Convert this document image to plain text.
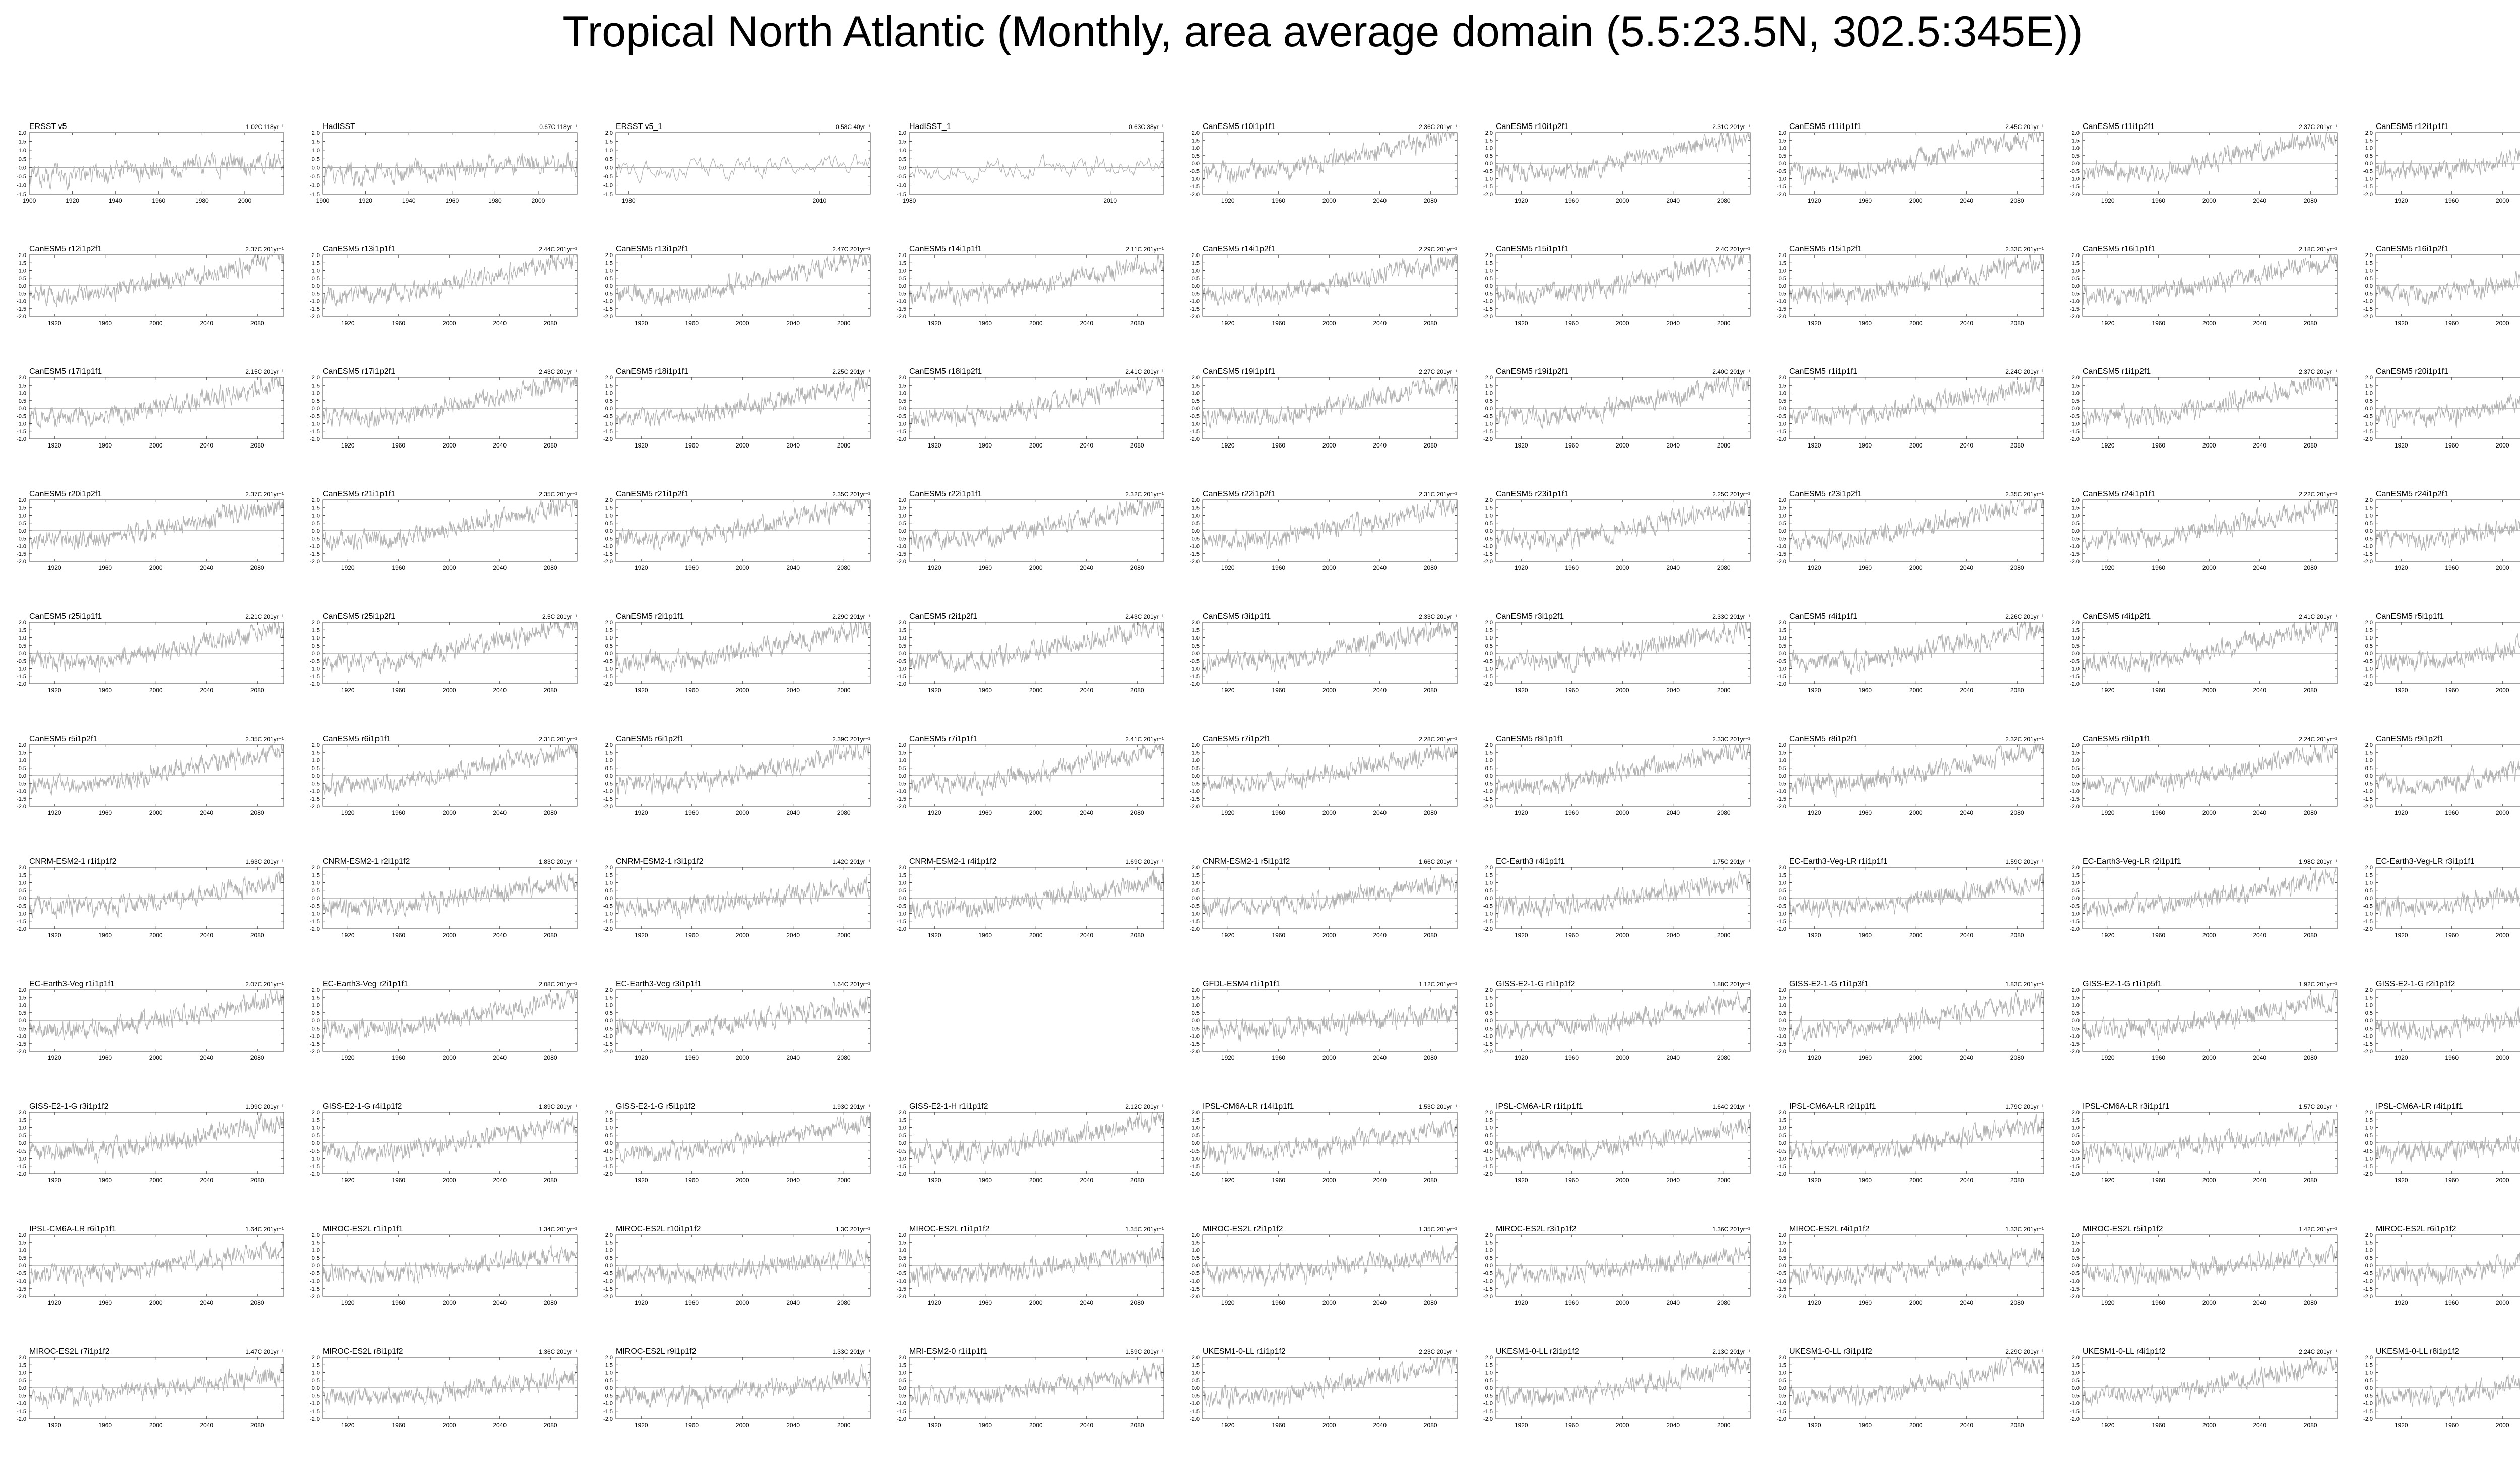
Tropical North Atlantic (Monthly, area average domain (5.5:23.5N, 302.5:345E))
ERSST v5	1.02C 118yr⁻¹
-1.5
-1.0
-0.5
0.0
0.5
1.0
1.5
2.0
1900	1920	1940	1960	1980	2000
HadISST	0.67C 118yr⁻¹
-1.5
-1.0
-0.5
0.0
0.5
1.0
1.5
2.0
1900	1920	1940	1960	1980	2000
ERSST v5_1	0.58C 40yr⁻¹
-1.5
-1.0
-0.5
0.0
0.5
1.0
1.5
2.0
1980	2010
HadISST_1	0.63C 38yr⁻¹
-1.5
-1.0
-0.5
0.0
0.5
1.0
1.5
2.0
1980	2010
CanESM5 r10i1p1f1	2.36C 201yr⁻¹
-2.0
-1.5
-1.0
-0.5
0.0
0.5
1.0
1.5
2.0
1920	1960	2000	2040	2080
CanESM5 r10i1p2f1	2.31C 201yr⁻¹
-2.0
-1.5
-1.0
-0.5
0.0
0.5
1.0
1.5
2.0
1920	1960	2000	2040	2080
CanESM5 r11i1p1f1	2.45C 201yr⁻¹
-2.0
-1.5
-1.0
-0.5
0.0
0.5
1.0
1.5
2.0
1920	1960	2000	2040	2080
CanESM5 r11i1p2f1	2.37C 201yr⁻¹
-2.0
-1.5
-1.0
-0.5
0.0
0.5
1.0
1.5
2.0
1920	1960	2000	2040	2080
CanESM5 r12i1p1f1
-2.0
-1.5
-1.0
-0.5
0.0
0.5
1.0
1.5
2.0
1920	1960	2000
CanESM5 r12i1p2f1	2.37C 201yr⁻¹
-2.0
-1.5
-1.0
-0.5
0.0
0.5
1.0
1.5
2.0
1920	1960	2000	2040	2080
CanESM5 r13i1p1f1	2.44C 201yr⁻¹
-2.0
-1.5
-1.0
-0.5
0.0
0.5
1.0
1.5
2.0
1920	1960	2000	2040	2080
CanESM5 r13i1p2f1	2.47C 201yr⁻¹
-2.0
-1.5
-1.0
-0.5
0.0
0.5
1.0
1.5
2.0
1920	1960	2000	2040	2080
CanESM5 r14i1p1f1	2.11C 201yr⁻¹
-2.0
-1.5
-1.0
-0.5
0.0
0.5
1.0
1.5
2.0
1920	1960	2000	2040	2080
CanESM5 r14i1p2f1	2.29C 201yr⁻¹
-2.0
-1.5
-1.0
-0.5
0.0
0.5
1.0
1.5
2.0
1920	1960	2000	2040	2080
CanESM5 r15i1p1f1	2.4C 201yr⁻¹
-2.0
-1.5
-1.0
-0.5
0.0
0.5
1.0
1.5
2.0
1920	1960	2000	2040	2080
CanESM5 r15i1p2f1	2.33C 201yr⁻¹
-2.0
-1.5
-1.0
-0.5
0.0
0.5
1.0
1.5
2.0
1920	1960	2000	2040	2080
CanESM5 r16i1p1f1	2.18C 201yr⁻¹
-2.0
-1.5
-1.0
-0.5
0.0
0.5
1.0
1.5
2.0
1920	1960	2000	2040	2080
CanESM5 r16i1p2f1
-2.0
-1.5
-1.0
-0.5
0.0
0.5
1.0
1.5
2.0
1920	1960	2000
CanESM5 r17i1p1f1	2.15C 201yr⁻¹
-2.0
-1.5
-1.0
-0.5
0.0
0.5
1.0
1.5
2.0
1920	1960	2000	2040	2080
CanESM5 r17i1p2f1	2.43C 201yr⁻¹
-2.0
-1.5
-1.0
-0.5
0.0
0.5
1.0
1.5
2.0
1920	1960	2000	2040	2080
CanESM5 r18i1p1f1	2.25C 201yr⁻¹
-2.0
-1.5
-1.0
-0.5
0.0
0.5
1.0
1.5
2.0
1920	1960	2000	2040	2080
CanESM5 r18i1p2f1	2.41C 201yr⁻¹
-2.0
-1.5
-1.0
-0.5
0.0
0.5
1.0
1.5
2.0
1920	1960	2000	2040	2080
CanESM5 r19i1p1f1	2.27C 201yr⁻¹
-2.0
-1.5
-1.0
-0.5
0.0
0.5
1.0
1.5
2.0
1920	1960	2000	2040	2080
CanESM5 r19i1p2f1	2.40C 201yr⁻¹
-2.0
-1.5
-1.0
-0.5
0.0
0.5
1.0
1.5
2.0
1920	1960	2000	2040	2080
CanESM5 r1i1p1f1	2.24C 201yr⁻¹
-2.0
-1.5
-1.0
-0.5
0.0
0.5
1.0
1.5
2.0
1920	1960	2000	2040	2080
CanESM5 r1i1p2f1	2.37C 201yr⁻¹
-2.0
-1.5
-1.0
-0.5
0.0
0.5
1.0
1.5
2.0
1920	1960	2000	2040	2080
CanESM5 r20i1p1f1
-2.0
-1.5
-1.0
-0.5
0.0
0.5
1.0
1.5
2.0
1920	1960	2000
CanESM5 r20i1p2f1	2.37C 201yr⁻¹
-2.0
-1.5
-1.0
-0.5
0.0
0.5
1.0
1.5
2.0
1920	1960	2000	2040	2080
CanESM5 r21i1p1f1	2.35C 201yr⁻¹
-2.0
-1.5
-1.0
-0.5
0.0
0.5
1.0
1.5
2.0
1920	1960	2000	2040	2080
CanESM5 r21i1p2f1	2.35C 201yr⁻¹
-2.0
-1.5
-1.0
-0.5
0.0
0.5
1.0
1.5
2.0
1920	1960	2000	2040	2080
CanESM5 r22i1p1f1	2.32C 201yr⁻¹
-2.0
-1.5
-1.0
-0.5
0.0
0.5
1.0
1.5
2.0
1920	1960	2000	2040	2080
CanESM5 r22i1p2f1	2.31C 201yr⁻¹
-2.0
-1.5
-1.0
-0.5
0.0
0.5
1.0
1.5
2.0
1920	1960	2000	2040	2080
CanESM5 r23i1p1f1	2.25C 201yr⁻¹
-2.0
-1.5
-1.0
-0.5
0.0
0.5
1.0
1.5
2.0
1920	1960	2000	2040	2080
CanESM5 r23i1p2f1	2.35C 201yr⁻¹
-2.0
-1.5
-1.0
-0.5
0.0
0.5
1.0
1.5
2.0
1920	1960	2000	2040	2080
CanESM5 r24i1p1f1	2.22C 201yr⁻¹
-2.0
-1.5
-1.0
-0.5
0.0
0.5
1.0
1.5
2.0
1920	1960	2000	2040	2080
CanESM5 r24i1p2f1
-2.0
-1.5
-1.0
-0.5
0.0
0.5
1.0
1.5
2.0
1920	1960	2000
CanESM5 r25i1p1f1	2.21C 201yr⁻¹
-2.0
-1.5
-1.0
-0.5
0.0
0.5
1.0
1.5
2.0
1920	1960	2000	2040	2080
CanESM5 r25i1p2f1	2.5C 201yr⁻¹
-2.0
-1.5
-1.0
-0.5
0.0
0.5
1.0
1.5
2.0
1920	1960	2000	2040	2080
CanESM5 r2i1p1f1	2.29C 201yr⁻¹
-2.0
-1.5
-1.0
-0.5
0.0
0.5
1.0
1.5
2.0
1920	1960	2000	2040	2080
CanESM5 r2i1p2f1	2.43C 201yr⁻¹
-2.0
-1.5
-1.0
-0.5
0.0
0.5
1.0
1.5
2.0
1920	1960	2000	2040	2080
CanESM5 r3i1p1f1	2.33C 201yr⁻¹
-2.0
-1.5
-1.0
-0.5
0.0
0.5
1.0
1.5
2.0
1920	1960	2000	2040	2080
CanESM5 r3i1p2f1	2.33C 201yr⁻¹
-2.0
-1.5
-1.0
-0.5
0.0
0.5
1.0
1.5
2.0
1920	1960	2000	2040	2080
CanESM5 r4i1p1f1	2.26C 201yr⁻¹
-2.0
-1.5
-1.0
-0.5
0.0
0.5
1.0
1.5
2.0
1920	1960	2000	2040	2080
CanESM5 r4i1p2f1	2.41C 201yr⁻¹
-2.0
-1.5
-1.0
-0.5
0.0
0.5
1.0
1.5
2.0
1920	1960	2000	2040	2080
CanESM5 r5i1p1f1
-2.0
-1.5
-1.0
-0.5
0.0
0.5
1.0
1.5
2.0
1920	1960	2000
CanESM5 r5i1p2f1	2.35C 201yr⁻¹
-2.0
-1.5
-1.0
-0.5
0.0
0.5
1.0
1.5
2.0
1920	1960	2000	2040	2080
CanESM5 r6i1p1f1	2.31C 201yr⁻¹
-2.0
-1.5
-1.0
-0.5
0.0
0.5
1.0
1.5
2.0
1920	1960	2000	2040	2080
CanESM5 r6i1p2f1	2.39C 201yr⁻¹
-2.0
-1.5
-1.0
-0.5
0.0
0.5
1.0
1.5
2.0
1920	1960	2000	2040	2080
CanESM5 r7i1p1f1	2.41C 201yr⁻¹
-2.0
-1.5
-1.0
-0.5
0.0
0.5
1.0
1.5
2.0
1920	1960	2000	2040	2080
CanESM5 r7i1p2f1	2.28C 201yr⁻¹
-2.0
-1.5
-1.0
-0.5
0.0
0.5
1.0
1.5
2.0
1920	1960	2000	2040	2080
CanESM5 r8i1p1f1	2.33C 201yr⁻¹
-2.0
-1.5
-1.0
-0.5
0.0
0.5
1.0
1.5
2.0
1920	1960	2000	2040	2080
CanESM5 r8i1p2f1	2.32C 201yr⁻¹
-2.0
-1.5
-1.0
-0.5
0.0
0.5
1.0
1.5
2.0
1920	1960	2000	2040	2080
CanESM5 r9i1p1f1	2.24C 201yr⁻¹
-2.0
-1.5
-1.0
-0.5
0.0
0.5
1.0
1.5
2.0
1920	1960	2000	2040	2080
CanESM5 r9i1p2f1
-2.0
-1.5
-1.0
-0.5
0.0
0.5
1.0
1.5
2.0
1920	1960	2000
CNRM-ESM2-1 r1i1p1f2	1.63C 201yr⁻¹
-2.0
-1.5
-1.0
-0.5
0.0
0.5
1.0
1.5
2.0
1920	1960	2000	2040	2080
CNRM-ESM2-1 r2i1p1f2	1.83C 201yr⁻¹
-2.0
-1.5
-1.0
-0.5
0.0
0.5
1.0
1.5
2.0
1920	1960	2000	2040	2080
CNRM-ESM2-1 r3i1p1f2	1.42C 201yr⁻¹
-2.0
-1.5
-1.0
-0.5
0.0
0.5
1.0
1.5
2.0
1920	1960	2000	2040	2080
CNRM-ESM2-1 r4i1p1f2	1.69C 201yr⁻¹
-2.0
-1.5
-1.0
-0.5
0.0
0.5
1.0
1.5
2.0
1920	1960	2000	2040	2080
CNRM-ESM2-1 r5i1p1f2	1.66C 201yr⁻¹
-2.0
-1.5
-1.0
-0.5
0.0
0.5
1.0
1.5
2.0
1920	1960	2000	2040	2080
EC-Earth3 r4i1p1f1	1.75C 201yr⁻¹
-2.0
-1.5
-1.0
-0.5
0.0
0.5
1.0
1.5
2.0
1920	1960	2000	2040	2080
EC-Earth3-Veg-LR r1i1p1f1	1.59C 201yr⁻¹
-2.0
-1.5
-1.0
-0.5
0.0
0.5
1.0
1.5
2.0
1920	1960	2000	2040	2080
EC-Earth3-Veg-LR r2i1p1f1	1.98C 201yr⁻¹
-2.0
-1.5
-1.0
-0.5
0.0
0.5
1.0
1.5
2.0
1920	1960	2000	2040	2080
EC-Earth3-Veg-LR r3i1p1f1
-2.0
-1.5
-1.0
-0.5
0.0
0.5
1.0
1.5
2.0
1920	1960	2000
EC-Earth3-Veg r1i1p1f1	2.07C 201yr⁻¹
-2.0
-1.5
-1.0
-0.5
0.0
0.5
1.0
1.5
2.0
1920	1960	2000	2040	2080
EC-Earth3-Veg r2i1p1f1	2.08C 201yr⁻¹
-2.0
-1.5
-1.0
-0.5
0.0
0.5
1.0
1.5
2.0
1920	1960	2000	2040	2080
EC-Earth3-Veg r3i1p1f1	1.64C 201yr⁻¹
-2.0
-1.5
-1.0
-0.5
0.0
0.5
1.0
1.5
2.0
1920	1960	2000	2040	2080
GFDL-ESM4 r1i1p1f1	1.12C 201yr⁻¹
-2.0
-1.5
-1.0
-0.5
0.0
0.5
1.0
1.5
2.0
1920	1960	2000	2040	2080
GISS-E2-1-G r1i1p1f2	1.88C 201yr⁻¹
-2.0
-1.5
-1.0
-0.5
0.0
0.5
1.0
1.5
2.0
1920	1960	2000	2040	2080
GISS-E2-1-G r1i1p3f1	1.83C 201yr⁻¹
-2.0
-1.5
-1.0
-0.5
0.0
0.5
1.0
1.5
2.0
1920	1960	2000	2040	2080
GISS-E2-1-G r1i1p5f1	1.92C 201yr⁻¹
-2.0
-1.5
-1.0
-0.5
0.0
0.5
1.0
1.5
2.0
1920	1960	2000	2040	2080
GISS-E2-1-G r2i1p1f2
-2.0
-1.5
-1.0
-0.5
0.0
0.5
1.0
1.5
2.0
1920	1960	2000
GISS-E2-1-G r3i1p1f2	1.99C 201yr⁻¹
-2.0
-1.5
-1.0
-0.5
0.0
0.5
1.0
1.5
2.0
1920	1960	2000	2040	2080
GISS-E2-1-G r4i1p1f2	1.89C 201yr⁻¹
-2.0
-1.5
-1.0
-0.5
0.0
0.5
1.0
1.5
2.0
1920	1960	2000	2040	2080
GISS-E2-1-G r5i1p1f2	1.93C 201yr⁻¹
-2.0
-1.5
-1.0
-0.5
0.0
0.5
1.0
1.5
2.0
1920	1960	2000	2040	2080
GISS-E2-1-H r1i1p1f2	2.12C 201yr⁻¹
-2.0
-1.5
-1.0
-0.5
0.0
0.5
1.0
1.5
2.0
1920	1960	2000	2040	2080
IPSL-CM6A-LR r14i1p1f1	1.53C 201yr⁻¹
-2.0
-1.5
-1.0
-0.5
0.0
0.5
1.0
1.5
2.0
1920	1960	2000	2040	2080
IPSL-CM6A-LR r1i1p1f1	1.64C 201yr⁻¹
-2.0
-1.5
-1.0
-0.5
0.0
0.5
1.0
1.5
2.0
1920	1960	2000	2040	2080
IPSL-CM6A-LR r2i1p1f1	1.79C 201yr⁻¹
-2.0
-1.5
-1.0
-0.5
0.0
0.5
1.0
1.5
2.0
1920	1960	2000	2040	2080
IPSL-CM6A-LR r3i1p1f1	1.57C 201yr⁻¹
-2.0
-1.5
-1.0
-0.5
0.0
0.5
1.0
1.5
2.0
1920	1960	2000	2040	2080
IPSL-CM6A-LR r4i1p1f1
-2.0
-1.5
-1.0
-0.5
0.0
0.5
1.0
1.5
2.0
1920	1960	2000
IPSL-CM6A-LR r6i1p1f1	1.64C 201yr⁻¹
-2.0
-1.5
-1.0
-0.5
0.0
0.5
1.0
1.5
2.0
1920	1960	2000	2040	2080
MIROC-ES2L r1i1p1f1	1.34C 201yr⁻¹
-2.0
-1.5
-1.0
-0.5
0.0
0.5
1.0
1.5
2.0
1920	1960	2000	2040	2080
MIROC-ES2L r10i1p1f2	1.3C 201yr⁻¹
-2.0
-1.5
-1.0
-0.5
0.0
0.5
1.0
1.5
2.0
1920	1960	2000	2040	2080
MIROC-ES2L r1i1p1f2	1.35C 201yr⁻¹
-2.0
-1.5
-1.0
-0.5
0.0
0.5
1.0
1.5
2.0
1920	1960	2000	2040	2080
MIROC-ES2L r2i1p1f2	1.35C 201yr⁻¹
-2.0
-1.5
-1.0
-0.5
0.0
0.5
1.0
1.5
2.0
1920	1960	2000	2040	2080
MIROC-ES2L r3i1p1f2	1.36C 201yr⁻¹
-2.0
-1.5
-1.0
-0.5
0.0
0.5
1.0
1.5
2.0
1920	1960	2000	2040	2080
MIROC-ES2L r4i1p1f2	1.33C 201yr⁻¹
-2.0
-1.5
-1.0
-0.5
0.0
0.5
1.0
1.5
2.0
1920	1960	2000	2040	2080
MIROC-ES2L r5i1p1f2	1.42C 201yr⁻¹
-2.0
-1.5
-1.0
-0.5
0.0
0.5
1.0
1.5
2.0
1920	1960	2000	2040	2080
MIROC-ES2L r6i1p1f2
-2.0
-1.5
-1.0
-0.5
0.0
0.5
1.0
1.5
2.0
1920	1960	2000
MIROC-ES2L r7i1p1f2	1.47C 201yr⁻¹
-2.0
-1.5
-1.0
-0.5
0.0
0.5
1.0
1.5
2.0
1920	1960	2000	2040	2080
MIROC-ES2L r8i1p1f2	1.36C 201yr⁻¹
-2.0
-1.5
-1.0
-0.5
0.0
0.5
1.0
1.5
2.0
1920	1960	2000	2040	2080
MIROC-ES2L r9i1p1f2	1.33C 201yr⁻¹
-2.0
-1.5
-1.0
-0.5
0.0
0.5
1.0
1.5
2.0
1920	1960	2000	2040	2080
MRI-ESM2-0 r1i1p1f1	1.59C 201yr⁻¹
-2.0
-1.5
-1.0
-0.5
0.0
0.5
1.0
1.5
2.0
1920	1960	2000	2040	2080
UKESM1-0-LL r1i1p1f2	2.23C 201yr⁻¹
-2.0
-1.5
-1.0
-0.5
0.0
0.5
1.0
1.5
2.0
1920	1960	2000	2040	2080
UKESM1-0-LL r2i1p1f2	2.13C 201yr⁻¹
-2.0
-1.5
-1.0
-0.5
0.0
0.5
1.0
1.5
2.0
1920	1960	2000	2040	2080
UKESM1-0-LL r3i1p1f2	2.29C 201yr⁻¹
-2.0
-1.5
-1.0
-0.5
0.0
0.5
1.0
1.5
2.0
1920	1960	2000	2040	2080
UKESM1-0-LL r4i1p1f2	2.24C 201yr⁻¹
-2.0
-1.5
-1.0
-0.5
0.0
0.5
1.0
1.5
2.0
1920	1960	2000	2040	2080
UKESM1-0-LL r8i1p1f2
-2.0
-1.5
-1.0
-0.5
0.0
0.5
1.0
1.5
2.0
1920	1960	2000
